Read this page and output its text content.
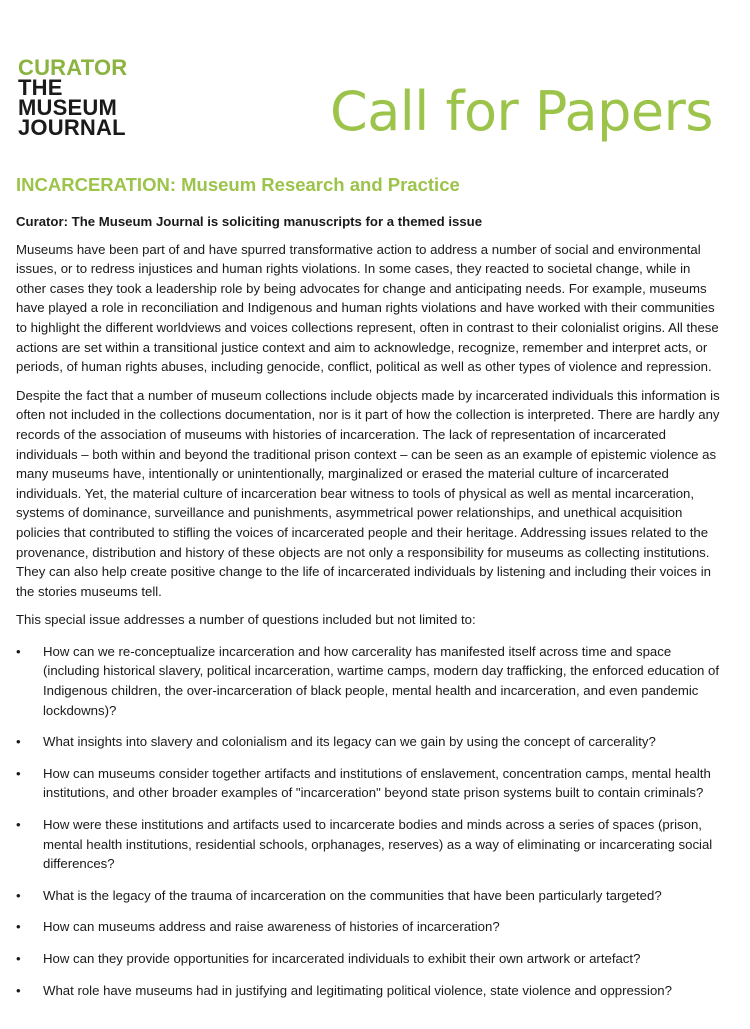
CURATOR
THE
MUSEUM
JOURNAL	Call for Papers
INCARCERATION: Museum Research and Practice

Curator: The Museum Journal is soliciting manuscripts for a themed issue

Museums have been part of and have spurred transformative action to address a number of social and environmental issues, or to redress injustices and human rights violations. In some cases, they reacted to societal change, while in other cases they took a leadership role by being advocates for change and anticipating needs. For example, museums have played a role in reconciliation and Indigenous and human rights violations and have worked with their communities to highlight the different worldviews and voices collections represent, often in contrast to their colonialist origins. All these actions are set within a transitional justice context and aim to acknowledge, recognize, remember and interpret acts, or periods, of human rights abuses, including genocide, conflict, political as well as other types of violence and repression.

Despite the fact that a number of museum collections include objects made by incarcerated individuals this information is often not included in the collections documentation, nor is it part of how the collection is interpreted. There are hardly any records of the association of museums with histories of incarceration. The lack of representation of incarcerated individuals – both within and beyond the traditional prison context – can be seen as an example of epistemic violence as many museums have, intentionally or unintentionally, marginalized or erased the material culture of incarcerated individuals. Yet, the material culture of incarceration bear witness to tools of physical as well as mental incarceration, systems of dominance, surveillance and punishments, asymmetrical power relationships, and unethical acquisition policies that contributed to stifling the voices of incarcerated people and their heritage. Addressing issues related to the provenance, distribution and history of these objects are not only a responsibility for museums as collecting institutions. They can also help create positive change to the life of incarcerated individuals by listening and including their voices in the stories museums tell.

This special issue addresses a number of questions included but not limited to:

• How can we re-conceptualize incarceration and how carcerality has manifested itself across time and space (including historical slavery, political incarceration, wartime camps, modern day trafficking, the enforced education of Indigenous children, the over-incarceration of black people, mental health and incarceration, and even pandemic lockdowns)?
• What insights into slavery and colonialism and its legacy can we gain by using the concept of carcerality?
• How can museums consider together artifacts and institutions of enslavement, concentration camps, mental health institutions, and other broader examples of "incarceration" beyond state prison systems built to contain criminals?
• How were these institutions and artifacts used to incarcerate bodies and minds across a series of spaces (prison, mental health institutions, residential schools, orphanages, reserves) as a way of eliminating or incarcerating social differences?
• What is the legacy of the trauma of incarceration on the communities that have been particularly targeted?
• How can museums address and raise awareness of histories of incarceration?
• How can they provide opportunities for incarcerated individuals to exhibit their own artwork or artefact?
• What role have museums had in justifying and legitimating political violence, state violence and oppression?
